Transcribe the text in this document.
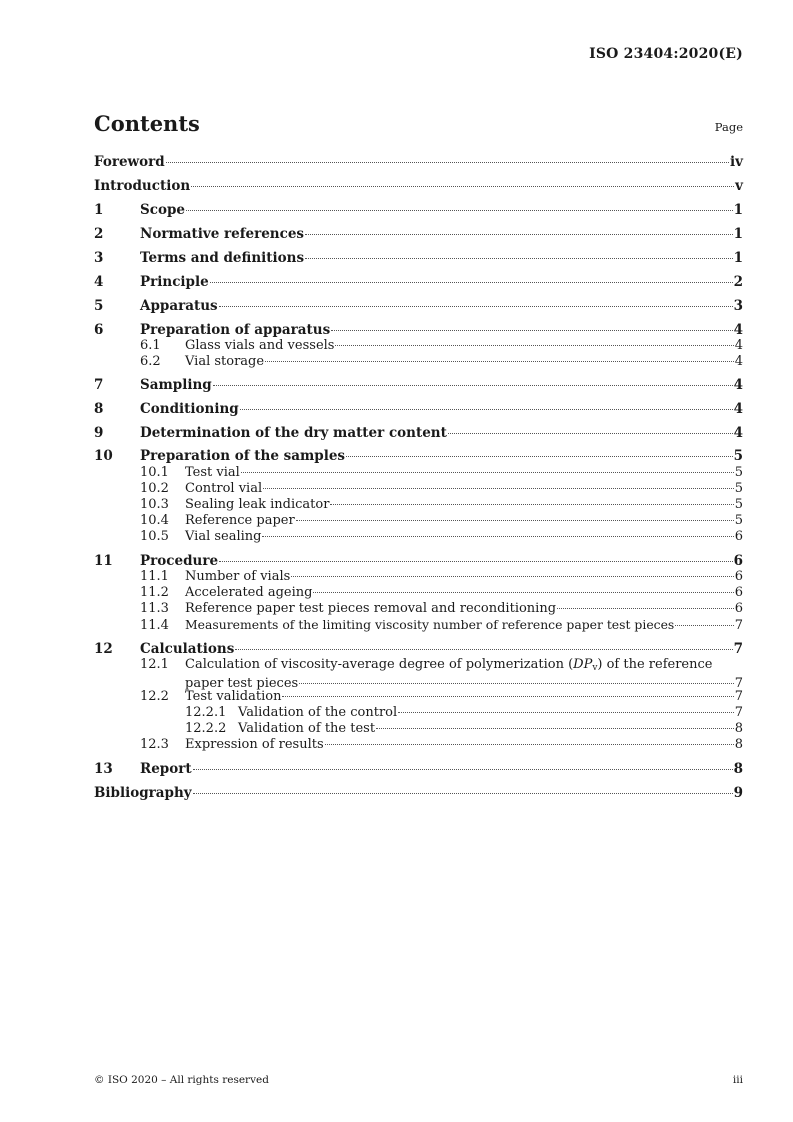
ISO 23404:2020(E)
Contents	Page
Foreword	iv
Introduction	v
1	Scope	1
2	Normative references	1
3	Terms and definitions	1
4	Principle	2
5	Apparatus	3
6	Preparation of apparatus	4
6.1	Glass vials and vessels	4
6.2	Vial storage	4
7	Sampling	4
8	Conditioning	4
9	Determination of the dry matter content	4
10	Preparation of the samples	5
10.1	Test vial	5
10.2	Control vial	5
10.3	Sealing leak indicator	5
10.4	Reference paper	5
10.5	Vial sealing	6
11	Procedure	6
11.1	Number of vials	6
11.2	Accelerated ageing	6
11.3	Reference paper test pieces removal and reconditioning	6
11.4	Measurements of the limiting viscosity number of reference paper test pieces	7
12	Calculations	7
12.1	Calculation of viscosity-average degree of polymerization $(DP_v)$ of the reference
paper test pieces	7
12.2	Test validation	7
12.2.1 Validation of the control	7
12.2.2 Validation of the test	8
12.3	Expression of results	8
13	Report	8
Bibliography	9
© ISO 2020 – All rights reserved	iii
